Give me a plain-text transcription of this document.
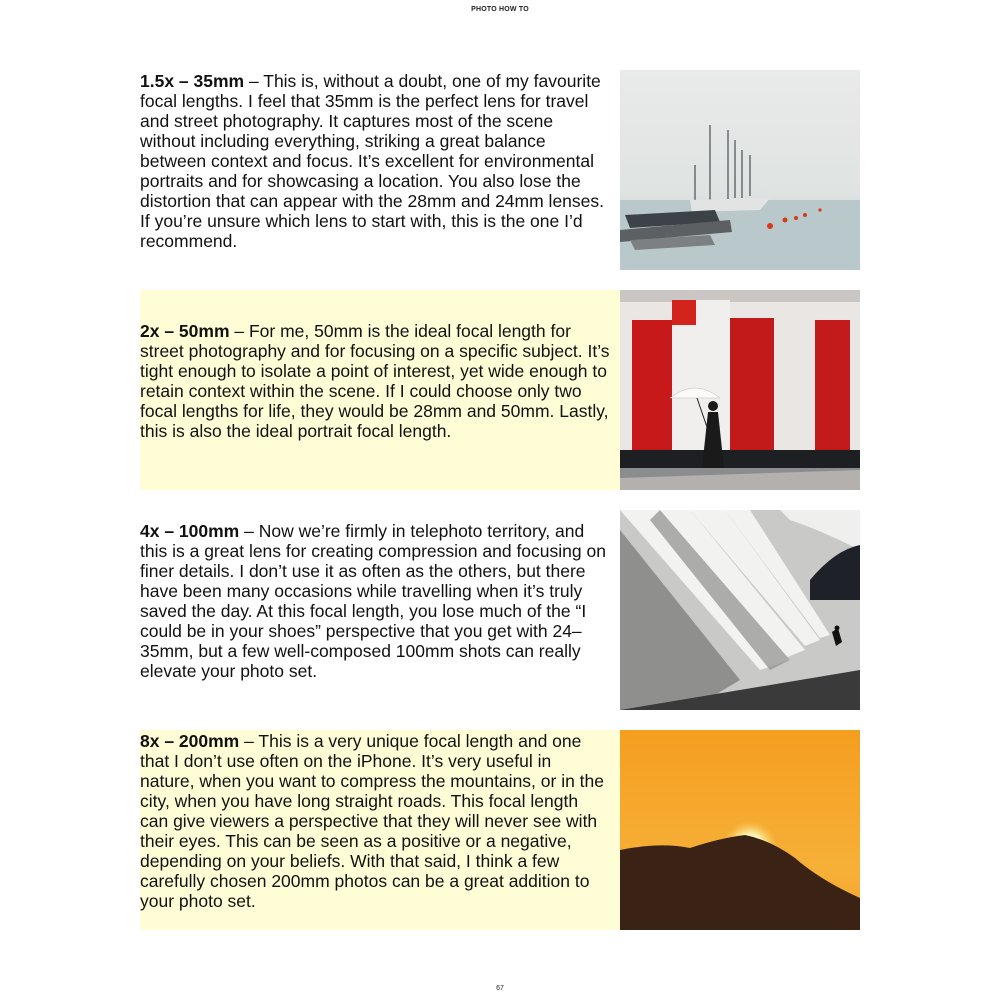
PHOTO HOW TO
1.5x – 35mm – This is, without a doubt, one of my favourite focal lengths. I feel that 35mm is the perfect lens for travel and street photography. It captures most of the scene without including everything, striking a great balance between context and focus. It’s excellent for environmental portraits and for showcasing a location. You also lose the distortion that can appear with the 28mm and 24mm lenses. If you’re unsure which lens to start with, this is the one I’d recommend.
2x – 50mm – For me, 50mm is the ideal focal length for street photography and for focusing on a specific subject. It’s tight enough to isolate a point of interest, yet wide enough to retain context within the scene. If I could choose only two focal lengths for life, they would be 28mm and 50mm. Lastly, this is also the ideal portrait focal length.
4x – 100mm – Now we’re firmly in telephoto territory, and this is a great lens for creating compression and focusing on finer details. I don’t use it as often as the others, but there have been many occasions while travelling when it’s truly saved the day. At this focal length, you lose much of the “I could be in your shoes” perspective that you get with 24–35mm, but a few well-composed 100mm shots can really elevate your photo set.
8x – 200mm – This is a very unique focal length and one that I don’t use often on the iPhone. It’s very useful in nature, when you want to compress the mountains, or in the city, when you have long straight roads. This focal length can give viewers a perspective that they will never see with their eyes. This can be seen as a positive or a negative, depending on your beliefs. With that said, I think a few carefully chosen 200mm photos can be a great addition to your photo set.
67
